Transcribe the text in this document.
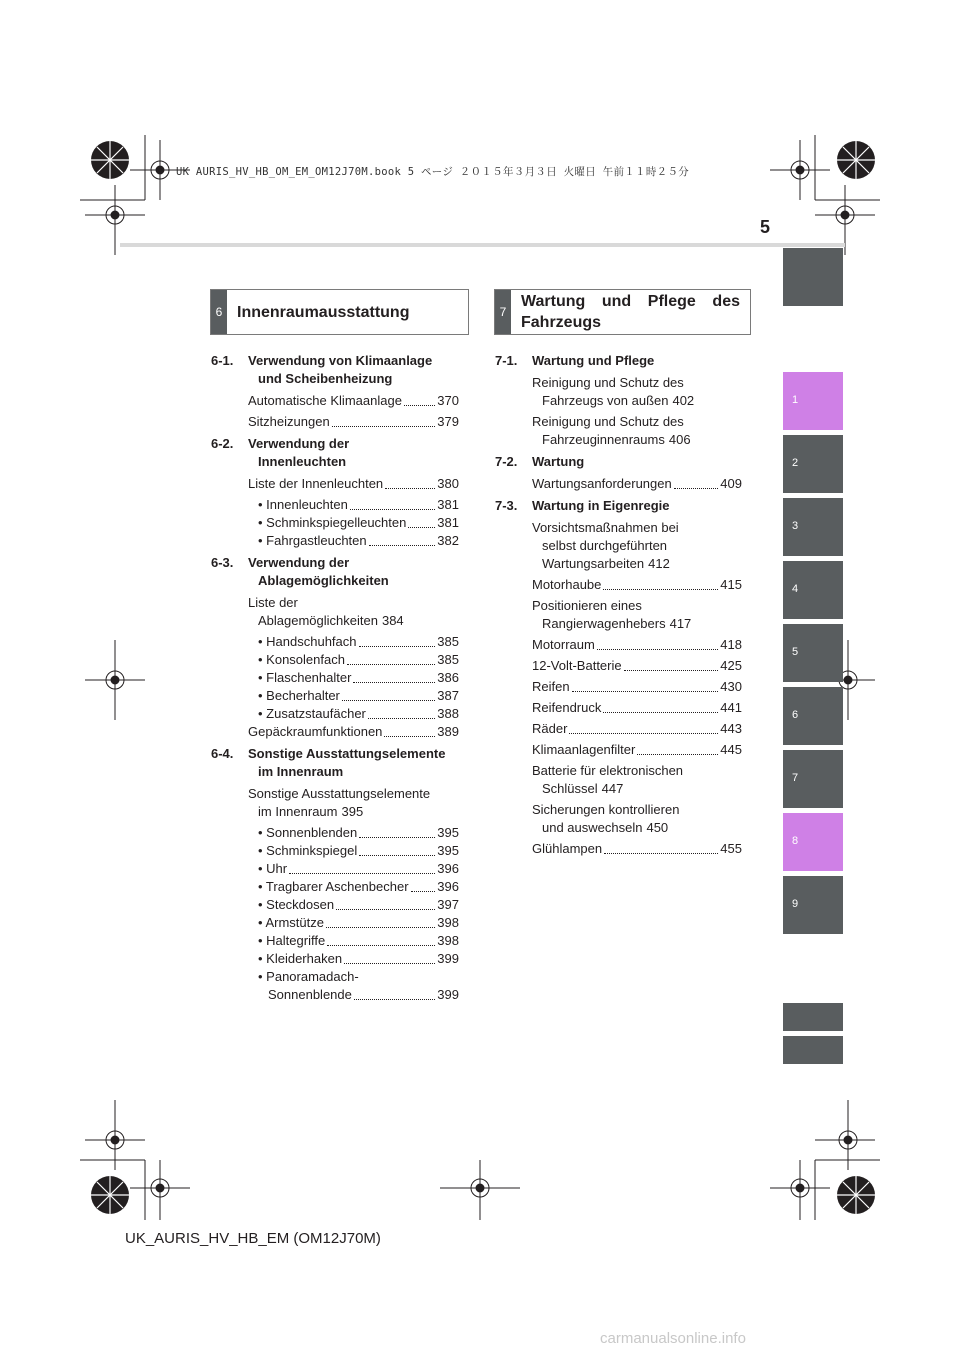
UK AURIS_HV_HB_OM_EM_OM12J70M.book 5 ページ ２０１５年３月３日 火曜日 午前１１時２５分
5
6 Innenraumausstattung	7
Wartung und Pflege des Fahrzeugs
6-1. Verwendung von Klimaanlage
und Scheibenheizung
Automatische Klimaanlage	370
Sitzheizungen	379
6-2. Verwendung der
Innenleuchten
Liste der Innenleuchten	380
• Innenleuchten	381
• Schminkspiegelleuchten 381
• Fahrgastleuchten	382
6-3. Verwendung der
Ablagemöglichkeiten
Liste der
Ablagemöglichkeiten 384
• Handschuhfach	385
• Konsolenfach	385
• Flaschenhalter	386
• Becherhalter	387
• Zusatzstaufächer	388
Gepäckraumfunktionen	389
6-4. Sonstige Ausstattungselemente
im Innenraum
Sonstige Ausstattungselemente
im Innenraum 395
• Sonnenblenden	395
• Schminkspiegel	395
• Uhr	396
• Tragbarer Aschenbecher 396
• Steckdosen	397
• Armstütze	398
• Haltegriffe	398
• Kleiderhaken	399
• Panoramadach-
Sonnenblende	399
7-1. Wartung und Pflege
Reinigung und Schutz des
Fahrzeugs von außen 402
Reinigung und Schutz des
Fahrzeuginnenraums 406
7-2. Wartung
Wartungsanforderungen	409
7-3. Wartung in Eigenregie
Vorsichtsmaßnahmen bei
selbst durchgeführten
Wartungsarbeiten 412
Motorhaube	415
Positionieren eines
Rangierwagenhebers 417
Motorraum	418
12-Volt-Batterie	425
Reifen	430
Reifendruck	441
Räder	443
Klimaanlagenfilter	445
Batterie für elektronischen
Schlüssel 447
Sicherungen kontrollieren
und auswechseln 450
Glühlampen	455
1
2
3
4
5
6
7
8
9
UK_AURIS_HV_HB_EM (OM12J70M)
carmanualsonline.info
